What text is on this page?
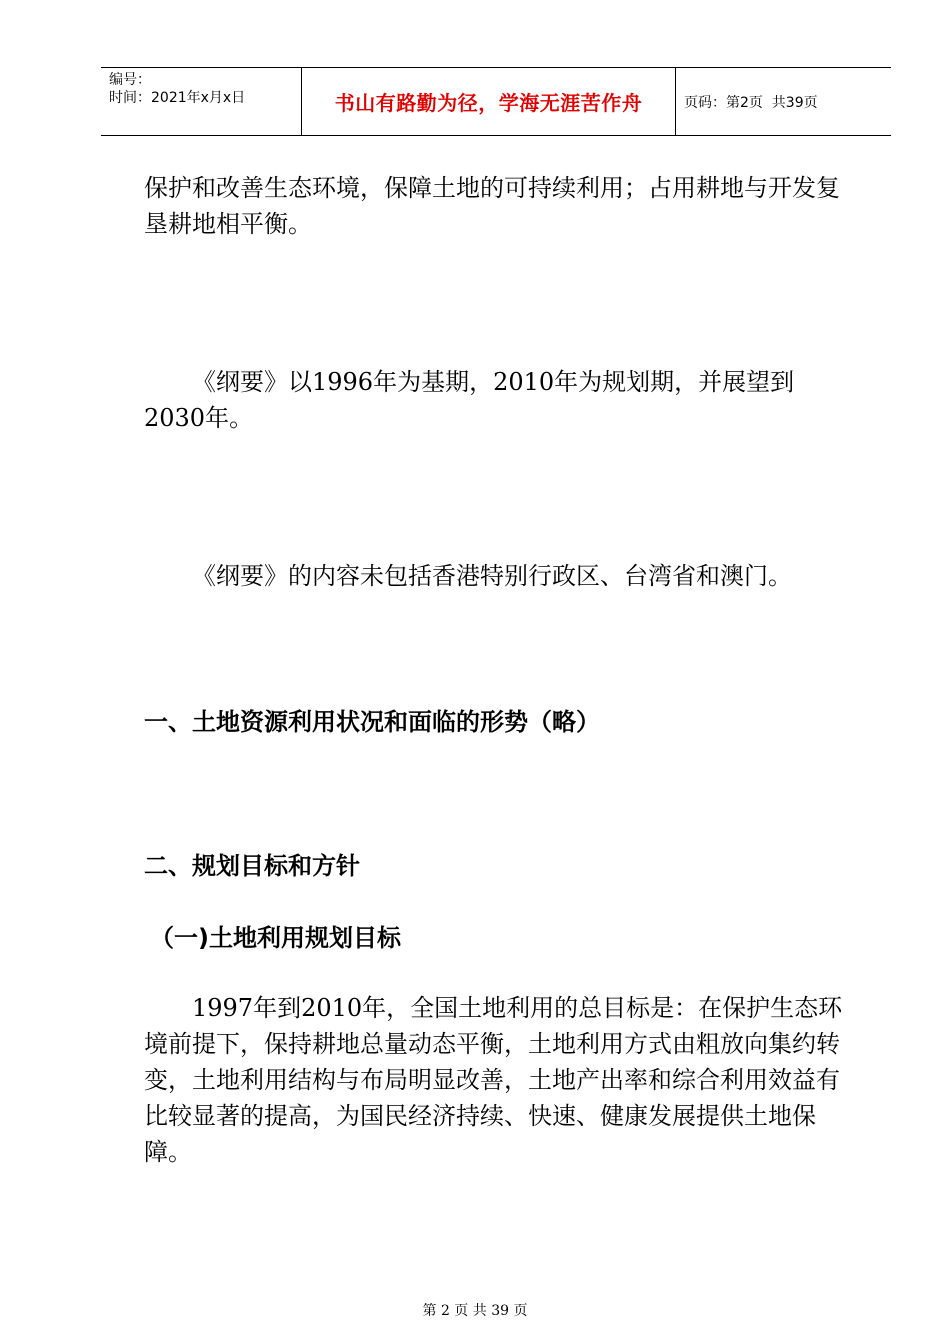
编号：
时间：2021年x月x日	书山有路勤为径，学海无涯苦作舟	页码：第2页  共39页

保护和改善生态环境，保障土地的可持续利用；占用耕地与开发复垦耕地相平衡。

《纲要》以1996年为基期，2010年为规划期，并展望到2030年。

《纲要》的内容未包括香港特别行政区、台湾省和澳门。

一、土地资源利用状况和面临的形势（略）
二、规划目标和方针
（一)土地利用规划目标

1997年到2010年，全国土地利用的总目标是：在保护生态环境前提下，保持耕地总量动态平衡，土地利用方式由粗放向集约转变，土地利用结构与布局明显改善，土地产出率和综合利用效益有比较显著的提高，为国民经济持续、快速、健康发展提供土地保障。

第 2 页 共 39 页
